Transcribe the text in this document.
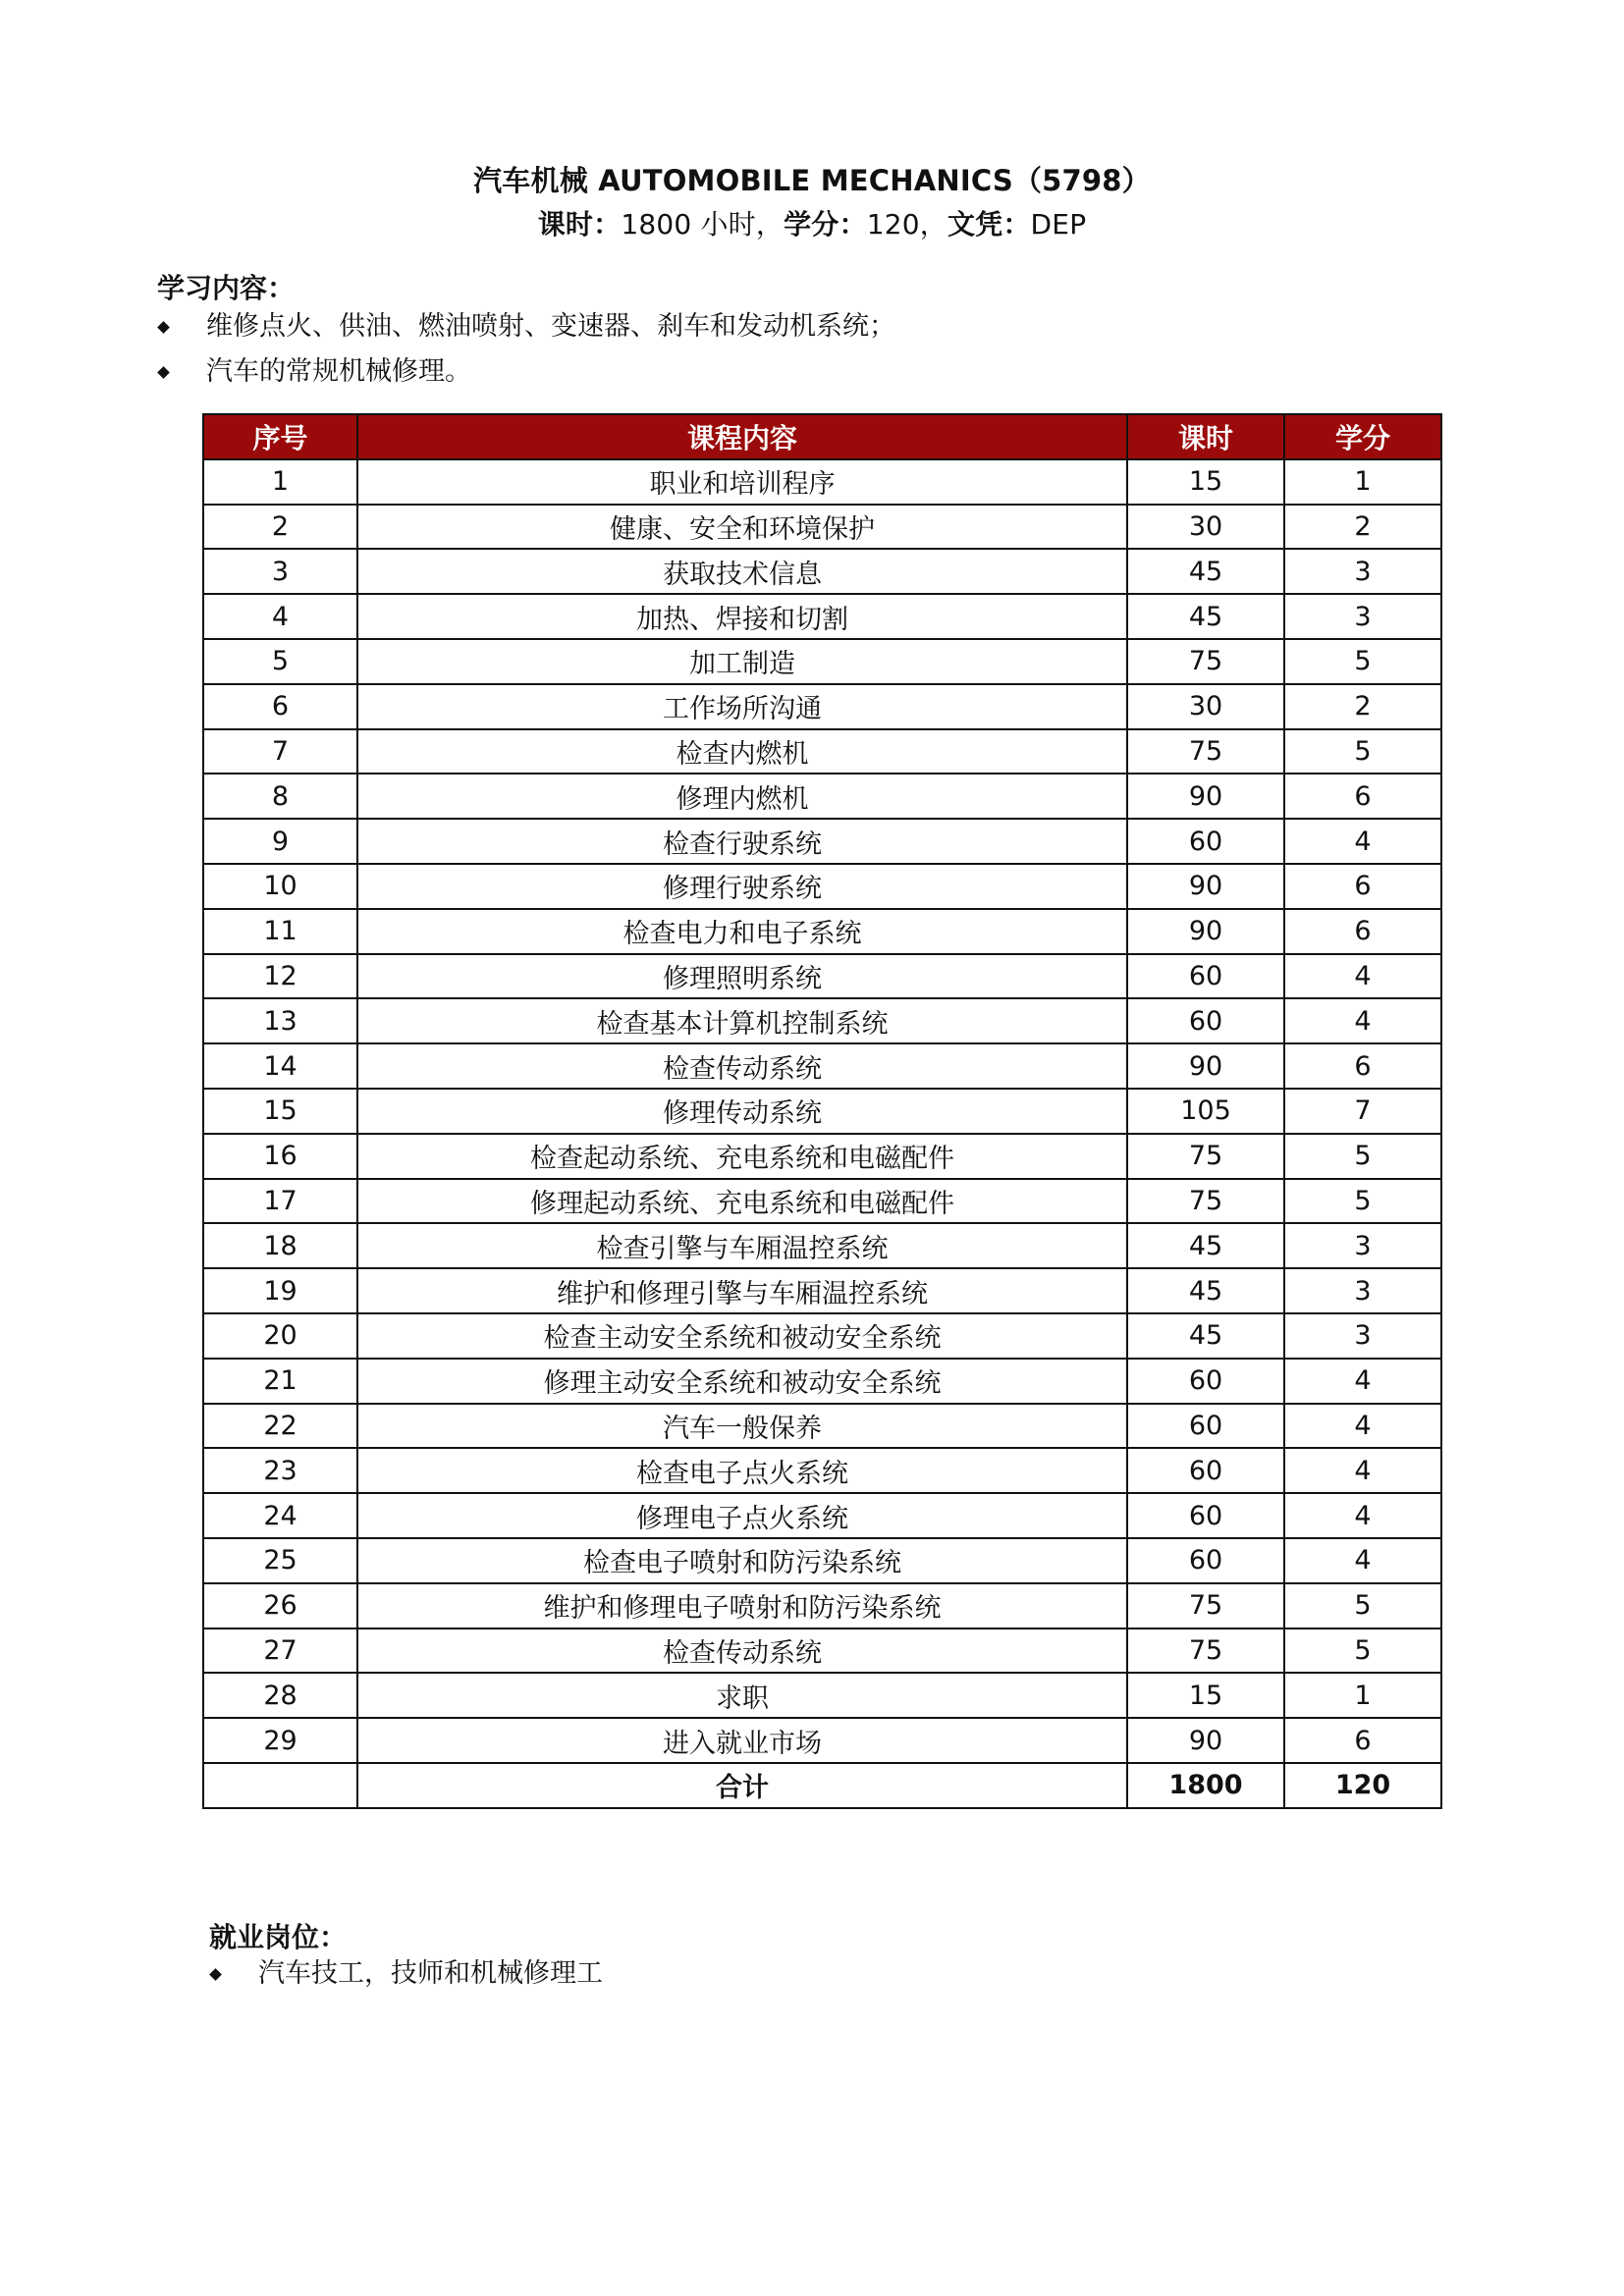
汽车机械 AUTOMOBILE MECHANICS（5798）
课时：1800 小时，学分：120，文凭：DEP
学习内容：
维修点火、供油、燃油喷射、变速器、刹车和发动机系统；
汽车的常规机械修理。
序号	课程内容	课时	学分
1	职业和培训程序	15	1
2	健康、安全和环境保护	30	2
3	获取技术信息	45	3
4	加热、焊接和切割	45	3
5	加工制造	75	5
6	工作场所沟通	30	2
7	检查内燃机	75	5
8	修理内燃机	90	6
9	检查行驶系统	60	4
10	修理行驶系统	90	6
11	检查电力和电子系统	90	6
12	修理照明系统	60	4
13	检查基本计算机控制系统	60	4
14	检查传动系统	90	6
15	修理传动系统	105	7
16	检查起动系统、充电系统和电磁配件	75	5
17	修理起动系统、充电系统和电磁配件	75	5
18	检查引擎与车厢温控系统	45	3
19	维护和修理引擎与车厢温控系统	45	3
20	检查主动安全系统和被动安全系统	45	3
21	修理主动安全系统和被动安全系统	60	4
22	汽车一般保养	60	4
23	检查电子点火系统	60	4
24	修理电子点火系统	60	4
25	检查电子喷射和防污染系统	60	4
26	维护和修理电子喷射和防污染系统	75	5
27	检查传动系统	75	5
28	求职	15	1
29	进入就业市场	90	6
	合计	1800	120
就业岗位：
汽车技工，技师和机械修理工
